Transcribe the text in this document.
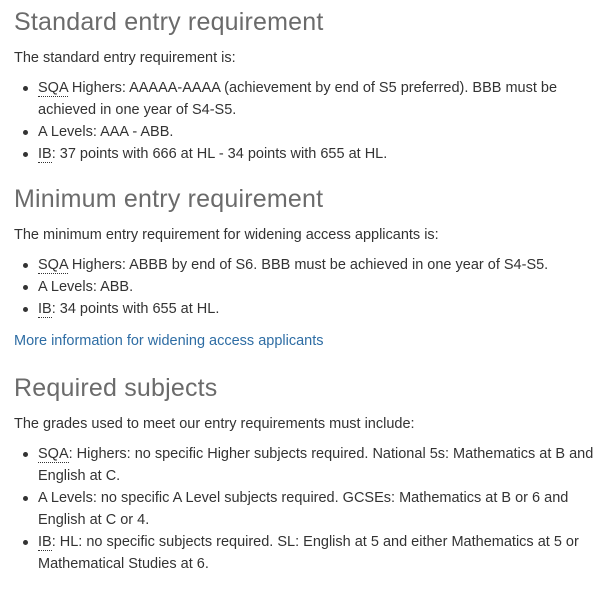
Standard entry requirement

The standard entry requirement is:

SQA Highers: AAAAA-AAAA (achievement by end of S5 preferred). BBB must be achieved in one year of S4-S5.
A Levels: AAA - ABB.
IB: 37 points with 666 at HL - 34 points with 655 at HL.
Minimum entry requirement

The minimum entry requirement for widening access applicants is:

SQA Highers: ABBB by end of S6. BBB must be achieved in one year of S4-S5.
A Levels: ABB.
IB: 34 points with 655 at HL.
More information for widening access applicants
Required subjects

The grades used to meet our entry requirements must include:

SQA: Highers: no specific Higher subjects required. National 5s: Mathematics at B and English at C.
A Levels: no specific A Level subjects required. GCSEs: Mathematics at B or 6 and English at C or 4.
IB: HL: no specific subjects required. SL: English at 5 and either Mathematics at 5 or Mathematical Studies at 6.
